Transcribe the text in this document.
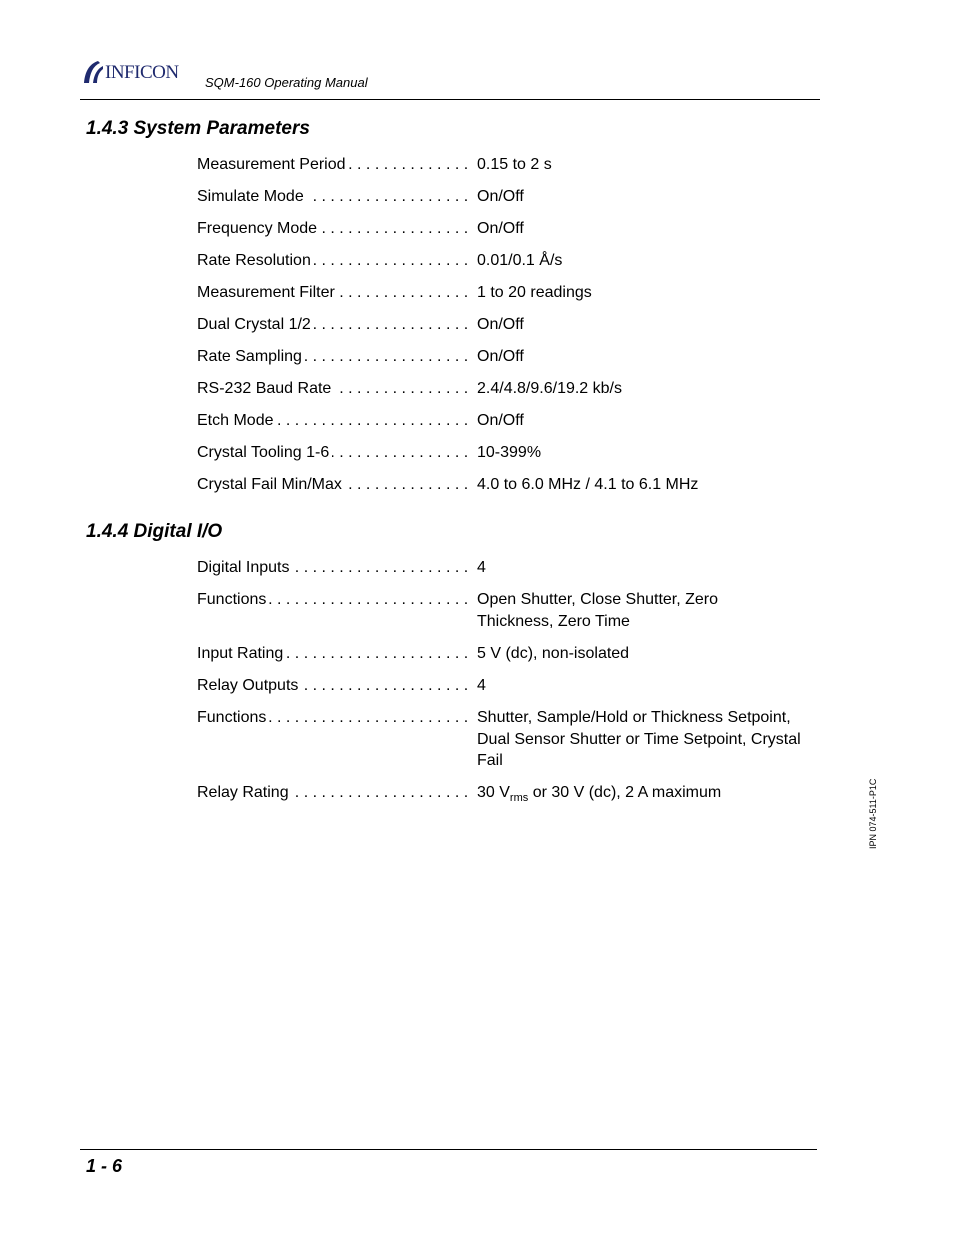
INFICON SQM-160 Operating Manual
1.4.3 System Parameters
Measurement Period . . .	0.15 to 2 s
Simulate Mode . . .	On/Off
Frequency Mode . . .	On/Off
Rate Resolution . . .	0.01/0.1 Å/s
Measurement Filter . . .	1 to 20 readings
Dual Crystal 1/2 . . .	On/Off
Rate Sampling . . .	On/Off
RS-232 Baud Rate . . .	2.4/4.8/9.6/19.2 kb/s
Etch Mode . . .	On/Off
Crystal Tooling 1-6 . . .	10-399%
Crystal Fail Min/Max . . .	4.0 to 6.0 MHz / 4.1 to 6.1 MHz
1.4.4 Digital I/O
Digital Inputs . . .	4
Functions . . .	Open Shutter, Close Shutter, Zero Thickness, Zero Time
Input Rating . . .	5 V (dc), non-isolated
Relay Outputs . . .	4
Functions . . .	Shutter, Sample/Hold or Thickness Setpoint, Dual Sensor Shutter or Time Setpoint, Crystal Fail
Relay Rating . . .	30 $V_{rms}$ or 30 V (dc), 2 A maximum	IPN 074-511-P1C
1 - 6
